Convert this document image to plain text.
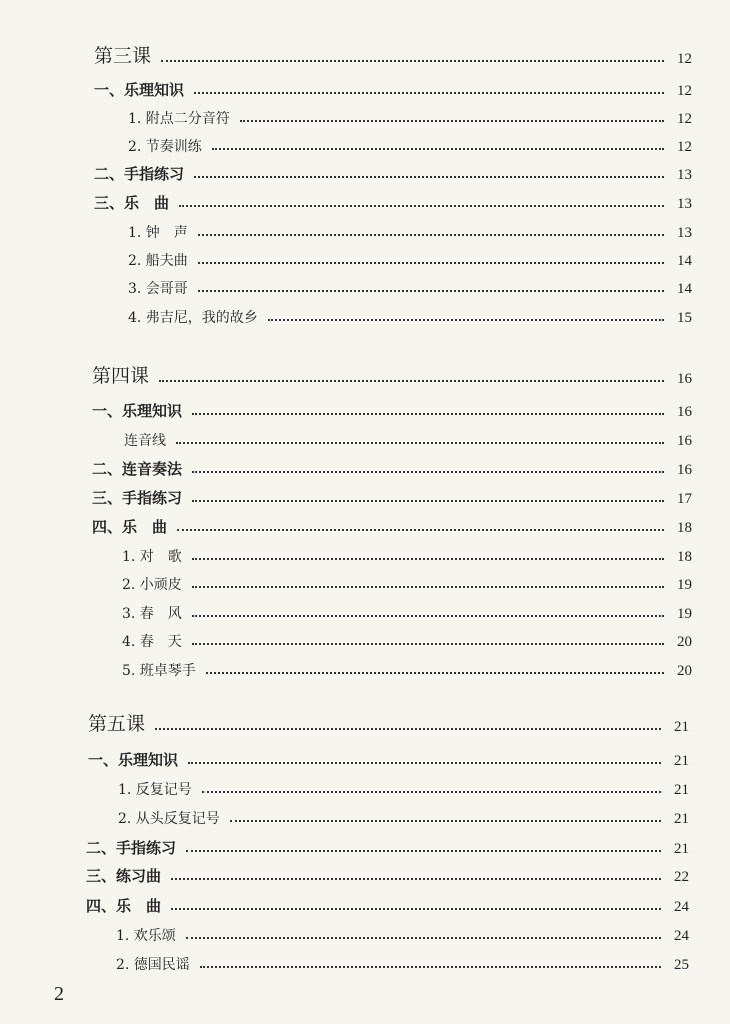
第三课	12
一、乐理知识	12
1. 附点二分音符	12
2. 节奏训练	12
二、手指练习	13
三、乐　曲	13
1. 钟　声	13
2. 船夫曲	14
3. 会哥哥	14
4. 弗吉尼，我的故乡	15
第四课	16
一、乐理知识	16
连音线	16
二、连音奏法	16
三、手指练习	17
四、乐　曲	18
1. 对　歌	18
2. 小顽皮	19
3. 春　风	19
4. 春　天	20
5. 班卓琴手	20
第五课	21
一、乐理知识	21
1. 反复记号	21
2. 从头反复记号	21
二、手指练习	21
三、练习曲	22
四、乐　曲	24
1. 欢乐颂	24
2. 德国民谣	25
2
